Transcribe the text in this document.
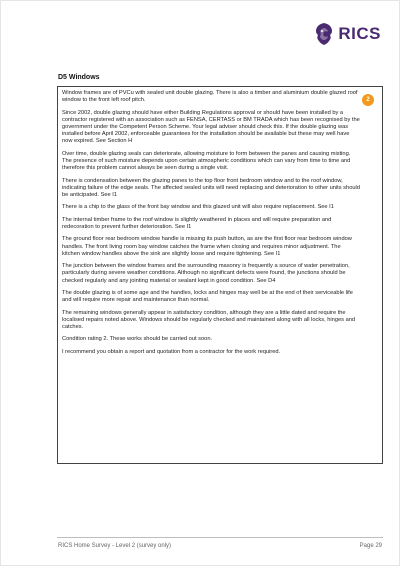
RICS
D5 Windows
2

Window frames are of PVCu with sealed unit double glazing. There is also a timber and aluminium double glazed roof window to the front left roof pitch.

Since 2002, double glazing should have either Building Regulations approval or should have been installed by a contractor registered with an association such as FENSA, CERTASS or BM TRADA which has been recognised by the government under the Competent Person Scheme. Your legal adviser should check this. If the double glazing was installed before April 2002, enforceable guarantees for the installation should be available but these may well have now expired. See Section H

Over time, double glazing seals can deteriorate, allowing moisture to form between the panes and causing misting. The presence of such moisture depends upon certain atmospheric conditions which can vary from time to time and therefore this problem cannot always be seen during a single visit.

There is condensation between the glazing panes to the top floor front bedroom window and to the roof window, indicating failure of the edge seals. The affected sealed units will need replacing and deterioration to other units should be anticipated. See I1

There is a chip to the glass of the front bay window and this glazed unit will also require replacement. See I1

The internal timber frame to the roof window is slightly weathered in places and will require preparation and redecoration to prevent further deterioration. See I1

The ground floor rear bedroom window handle is missing its push button, as are the first floor rear bedroom window handles. The front living room bay window catches the frame when closing and requires minor adjustment. The kitchen window handles above the sink are slightly loose and require tightening. See I1

The junction between the window frames and the surrounding masonry is frequently a source of water penetration, particularly during severe weather conditions. Although no significant defects were found, the junctions should be checked regularly and any jointing material or sealant kept in good condition. See D4

The double glazing is of some age and the handles, locks and hinges may well be at the end of their serviceable life and will require more repair and maintenance than normal.

The remaining windows generally appear in satisfactory condition, although they are a little dated and require the localised repairs noted above. Windows should be regularly checked and maintained along with all locks, hinges and catches.

Condition rating 2. These works should be carried out soon.

I recommend you obtain a report and quotation from a contractor for the work required.

RICS Home Survey - Level 2 (survey only)	Page 29
